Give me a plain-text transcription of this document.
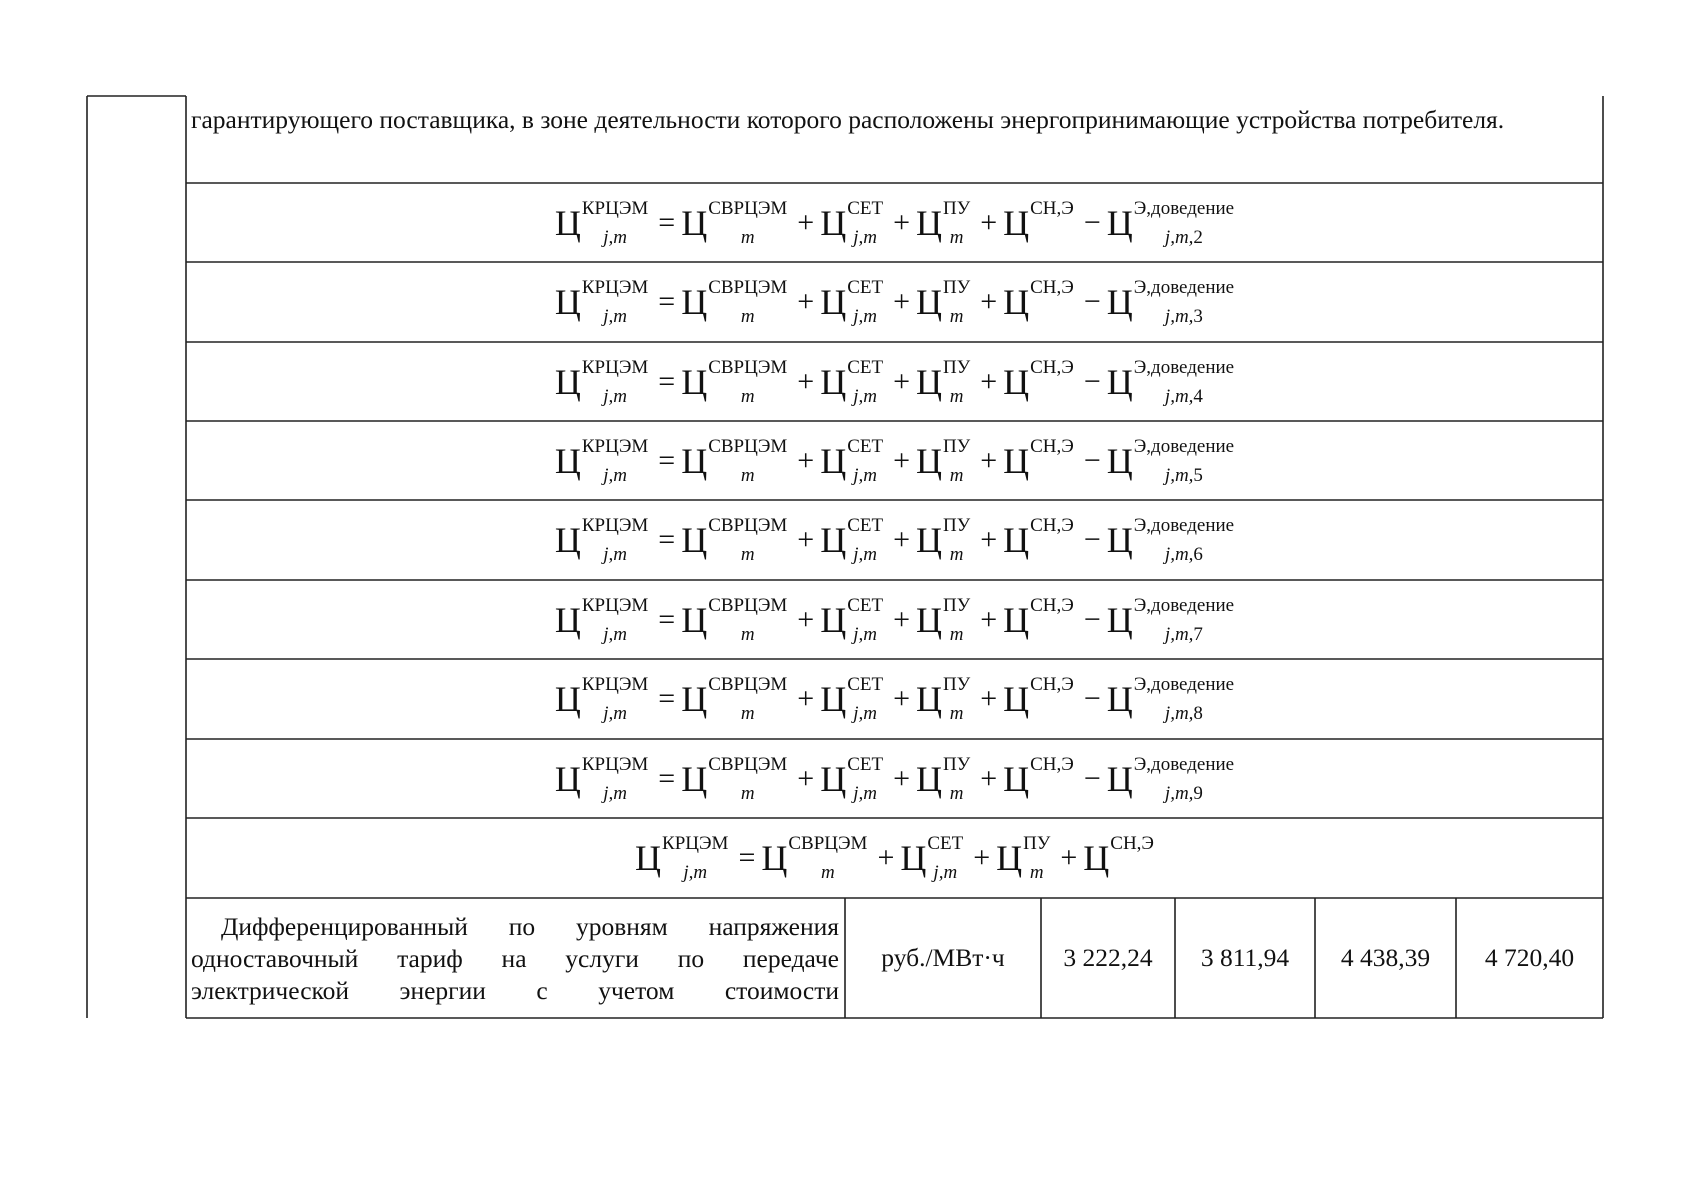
гарантирующего поставщика, в зоне деятельности которого расположены энергопринимающие устройства потребителя.
Ц КРЦЭМ
j,m	= Ц СВРЦЭМ
m	+ Ц СЕТ
j,m + Ц ПУ
m + Ц СН,Э
− Ц Э,доведение
j,m,2
Ц КРЦЭМ
j,m	= Ц СВРЦЭМ
m	+ Ц СЕТ
j,m + Ц ПУ
m + Ц СН,Э
− Ц Э,доведение
j,m,3
Ц КРЦЭМ
j,m	= Ц СВРЦЭМ
m	+ Ц СЕТ
j,m + Ц ПУ
m + Ц СН,Э
− Ц Э,доведение
j,m,4
Ц КРЦЭМ
j,m	= Ц СВРЦЭМ
m	+ Ц СЕТ
j,m + Ц ПУ
m + Ц СН,Э
− Ц Э,доведение
j,m,5
Ц КРЦЭМ
j,m	= Ц СВРЦЭМ
m	+ Ц СЕТ
j,m + Ц ПУ
m + Ц СН,Э
− Ц Э,доведение
j,m,6
Ц КРЦЭМ
j,m	= Ц СВРЦЭМ
m	+ Ц СЕТ
j,m + Ц ПУ
m + Ц СН,Э
− Ц Э,доведение
j,m,7
Ц КРЦЭМ
j,m	= Ц СВРЦЭМ
m	+ Ц СЕТ
j,m + Ц ПУ
m + Ц СН,Э
− Ц Э,доведение
j,m,8
Ц КРЦЭМ
j,m	= Ц СВРЦЭМ
m	+ Ц СЕТ
j,m + Ц ПУ
m + Ц СН,Э
− Ц Э,доведение
j,m,9
Ц КРЦЭМ
j,m	= Ц СВРЦЭМ
m	+ Ц СЕТ
j,m + Ц ПУ
m + Ц СН,Э

Дифференцированный по уровням напряжения одноставочный тариф на услуги по передаче электрической энергии с учетом стоимости
руб./МВт·ч	3 222,24	3 811,94	4 438,39	4 720,40
